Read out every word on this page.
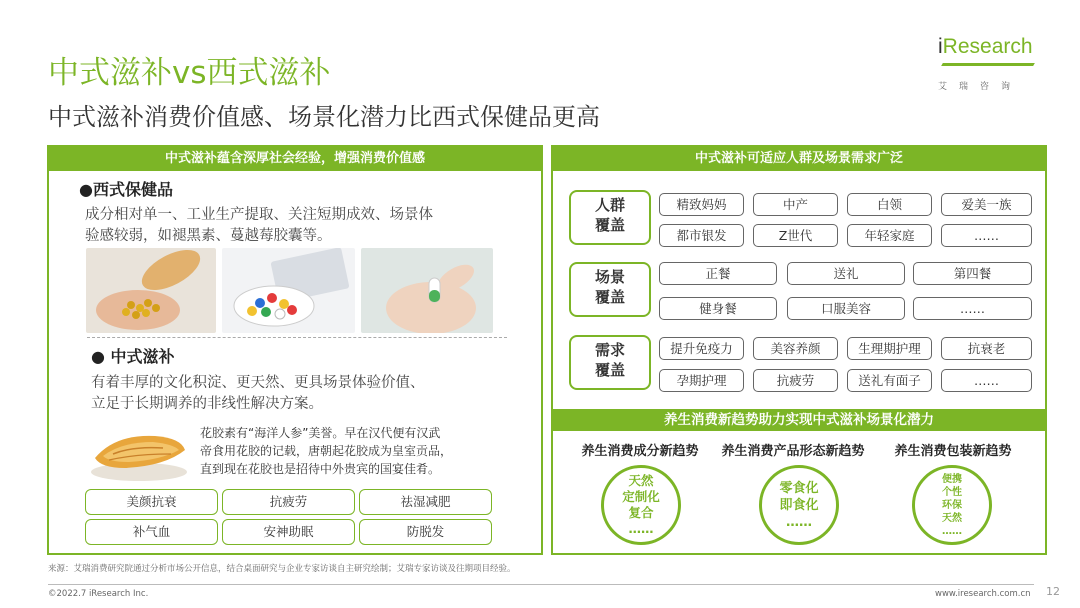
中式滋补vs西式滋补
中式滋补消费价值感、场景化潜力比西式保健品更高
iResearch
艾瑞咨询
中式滋补蕴含深厚社会经验，增强消费价值感
●西式保健品
成分相对单一、工业生产提取、关注短期成效、场景体
验感较弱，如褪黑素、蔓越莓胶囊等。
● 中式滋补
有着丰厚的文化积淀、更天然、更具场景体验价值、
立足于长期调养的非线性解决方案。
花胶素有“海洋人参”美誉。早在汉代便有汉武
帝食用花胶的记载，唐朝起花胶成为皇室贡品，
直到现在花胶也是招待中外贵宾的国宴佳肴。
美颜抗衰	抗疲劳	祛湿减肥
补气血	安神助眠	防脱发
中式滋补可适应人群及场景需求广泛
人群
覆盖
精致妈妈	中产	白领	爱美一族
都市银发	Z世代	年轻家庭	……
场景
覆盖
正餐	送礼	第四餐
健身餐	口服美容	……
需求
覆盖
提升免疫力	美容养颜	生理期护理	抗衰老
孕期护理	抗疲劳	送礼有面子	……
养生消费新趋势助力实现中式滋补场景化潜力
养生消费成分新趋势	养生消费产品形态新趋势	养生消费包装新趋势
天然
定制化
复合
……
零食化
即食化
……
便携
个性
环保
天然
……
来源：艾瑞消费研究院通过分析市场公开信息，结合桌面研究与企业专家访谈自主研究绘制；艾瑞专家访谈及往期项目经验。
©2022.7 iResearch Inc.	www.iresearch.com.cn 12
